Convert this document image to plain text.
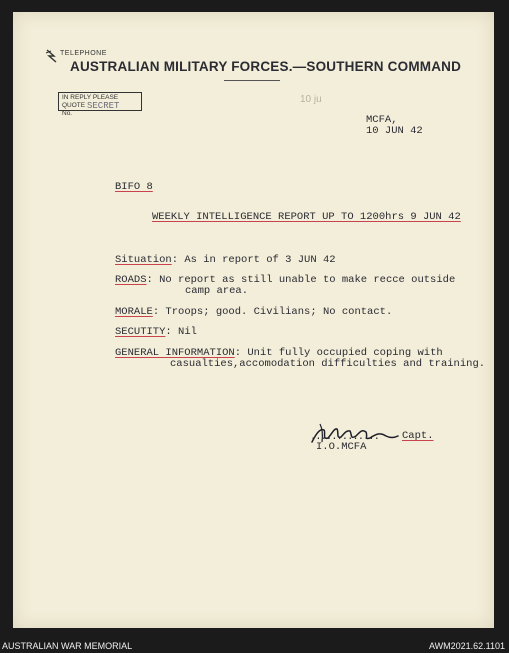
TELEPHONE
AUSTRALIAN MILITARY FORCES.—SOUTHERN COMMAND
IN REPLY PLEASE QUOTE
No.
SECRET
10 ju
MCFA,
10 JUN 42
BIFO 8
WEEKLY INTELLIGENCE REPORT UP TO 1200hrs 9 JUN 42
Situation: As in report of 3 JUN 42
ROADS: No report as still unable to make recce outside
camp area.
MORALE: Troops; good. Civilians; No contact.
SECUTITY: Nil
GENERAL INFORMATION: Unit fully occupied coping with
casualties,accomodation difficulties and training.
............. Capt.
I.O.MCFA
AUSTRALIAN WAR MEMORIAL	AWM2021.62.1101
